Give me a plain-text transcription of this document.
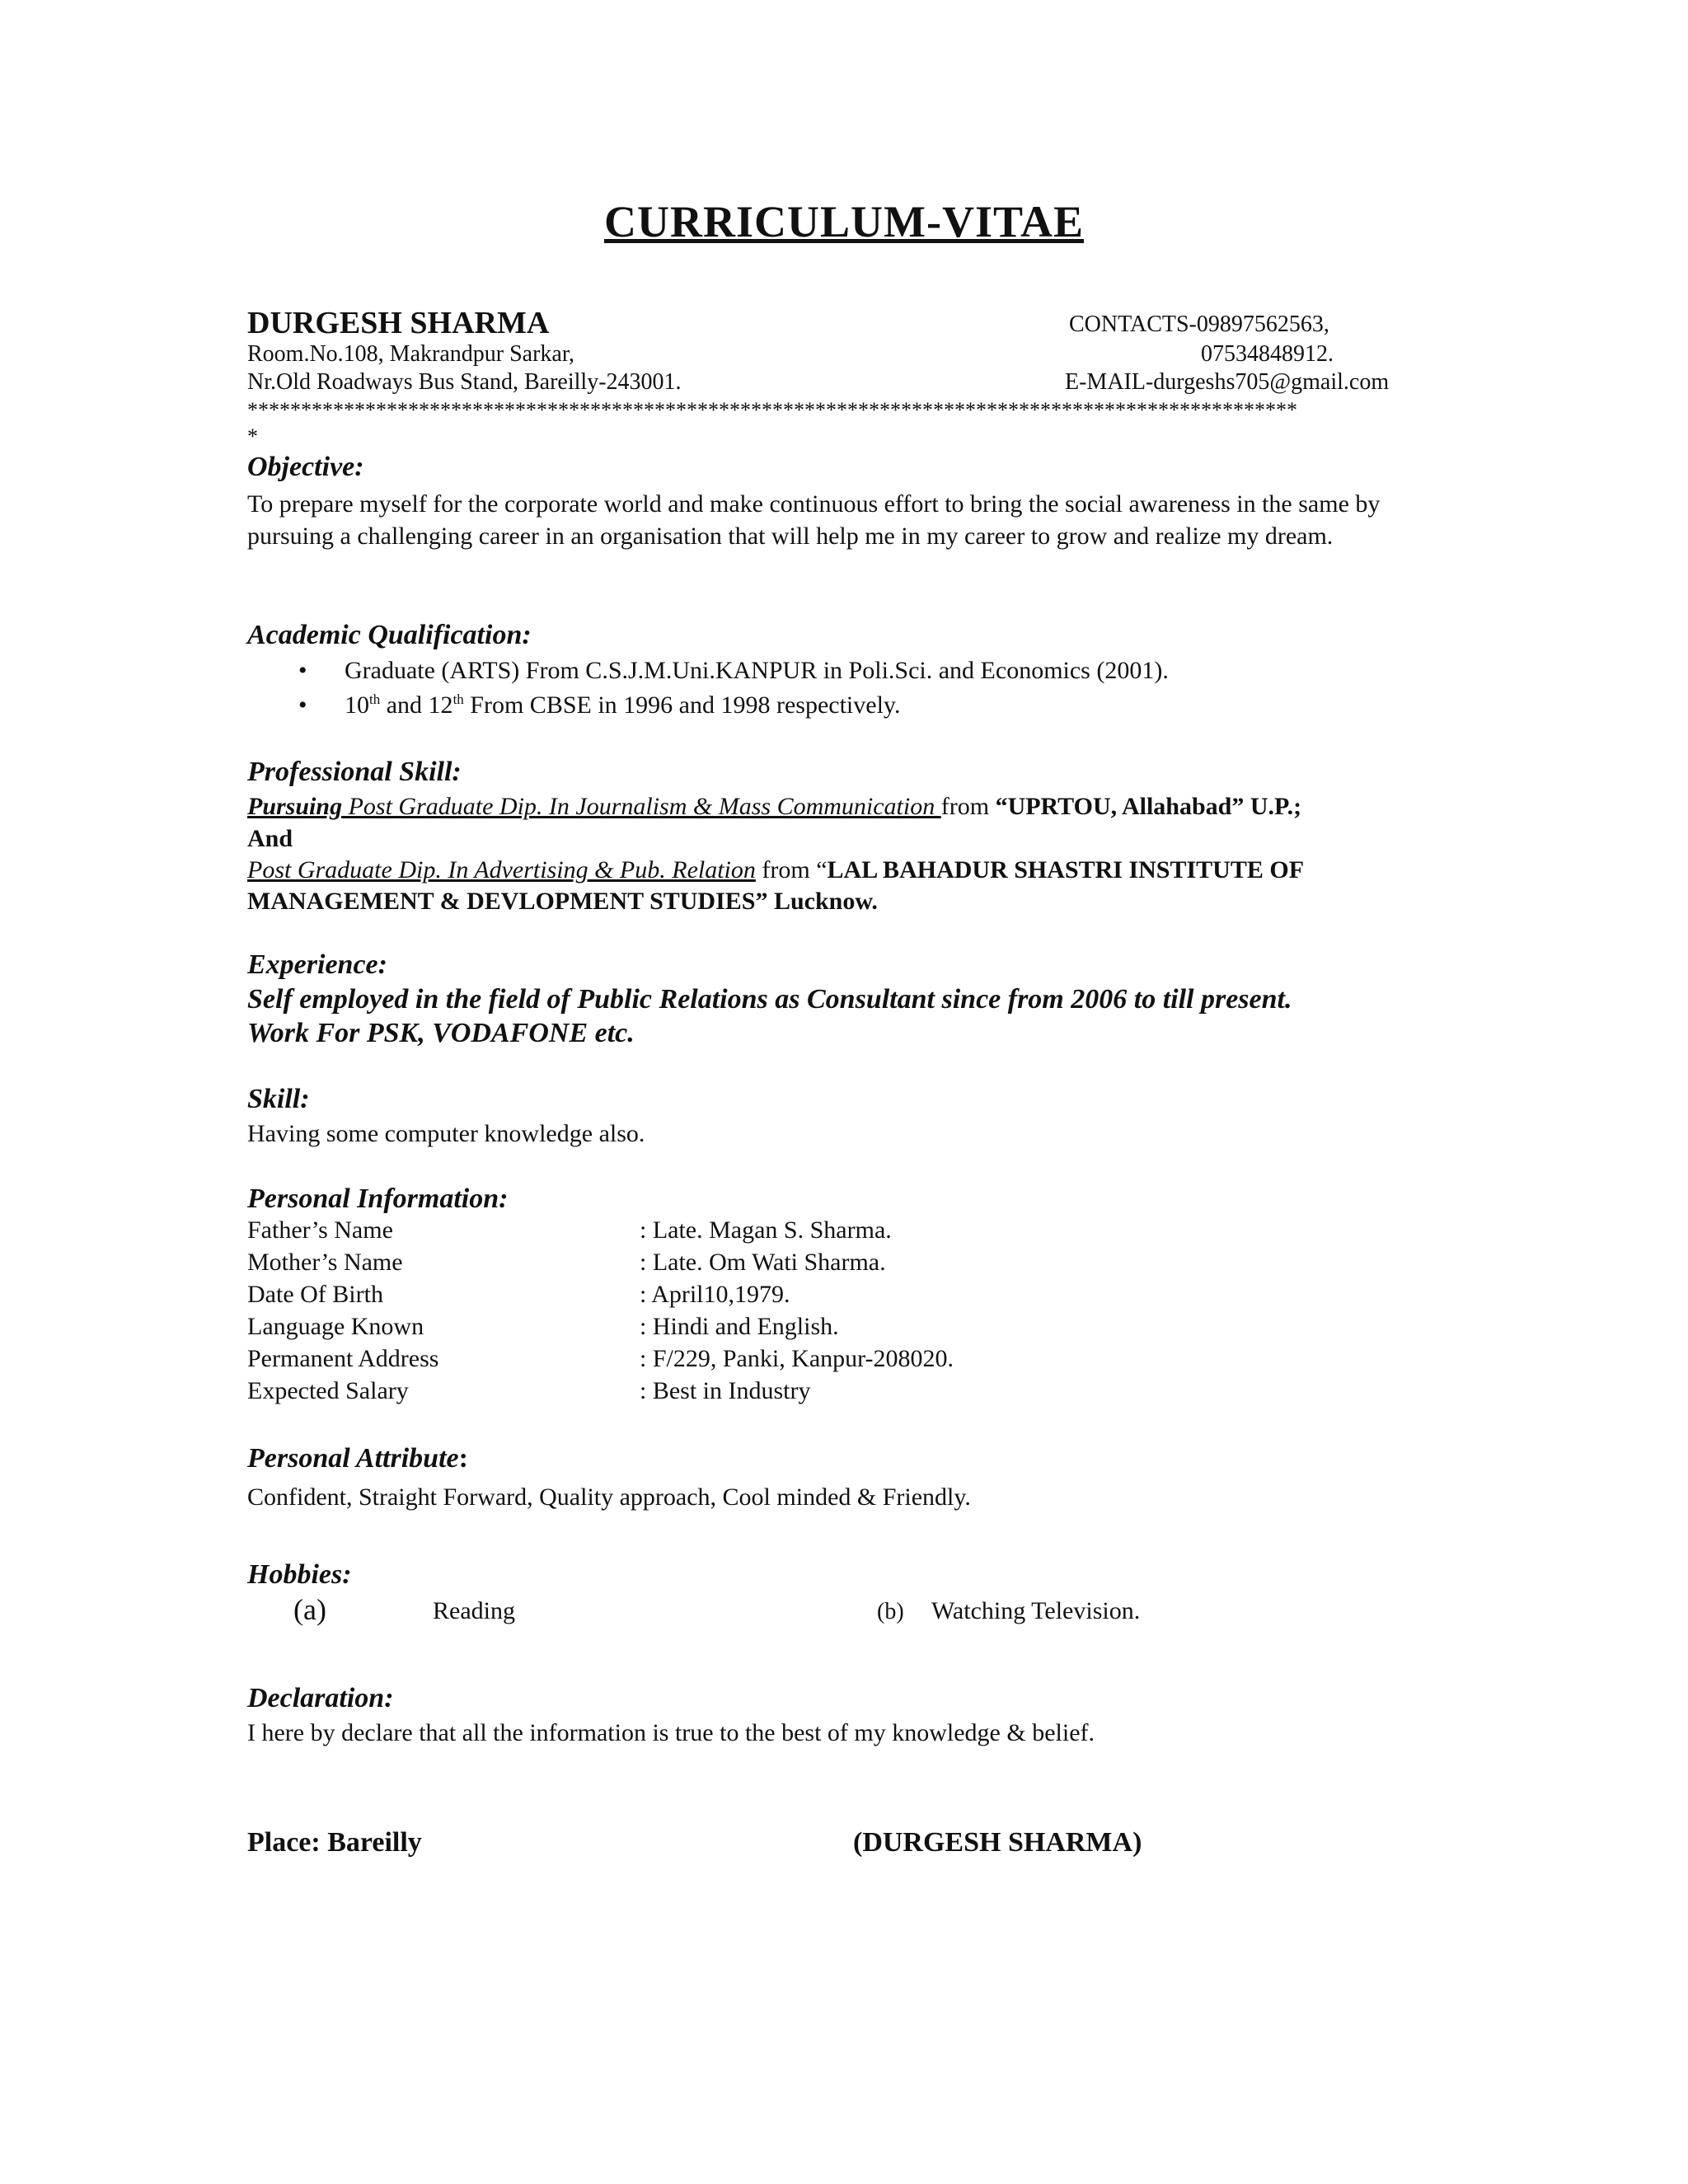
CURRICULUM-VITAE
DURGESH SHARMA	CONTACTS-09897562563,
Room.No.108, Makrandpur Sarkar,	07534848912.
Nr.Old Roadways Bus Stand, Bareilly-243001.	E-MAIL-durgeshs705@gmail.com
**************************************************************************************************
*
Objective:
To prepare myself for the corporate world and make continuous effort to bring the social awareness in the same by pursuing a challenging career in an organisation that will help me in my career to grow and realize my dream.
Academic Qualification:
• Graduate (ARTS) From C.S.J.M.Uni.KANPUR in Poli.Sci. and Economics (2001).
• 10th and 12th From CBSE in 1996 and 1998 respectively.
Professional Skill:
Pursuing Post Graduate Dip. In Journalism & Mass Communication from “UPRTOU, Allahabad” U.P.;
And
Post Graduate Dip. In Advertising & Pub. Relation from “LAL BAHADUR SHASTRI INSTITUTE OF
MANAGEMENT & DEVLOPMENT STUDIES” Lucknow.
Experience:
Self employed in the field of Public Relations as Consultant since from 2006 to till present.
Work For PSK, VODAFONE etc.
Skill:
Having some computer knowledge also.
Personal Information:
Father’s Name	: Late. Magan S. Sharma.
Mother’s Name	: Late. Om Wati Sharma.
Date Of Birth	: April10,1979.
Language Known	: Hindi and English.
Permanent Address	: F/229, Panki, Kanpur-208020.
Expected Salary	: Best in Industry
Personal Attribute:
Confident, Straight Forward, Quality approach, Cool minded & Friendly.
Hobbies:
(a)	Reading	(b) Watching Television.
Declaration:
I here by declare that all the information is true to the best of my knowledge & belief.
Place: Bareilly	(DURGESH SHARMA)
